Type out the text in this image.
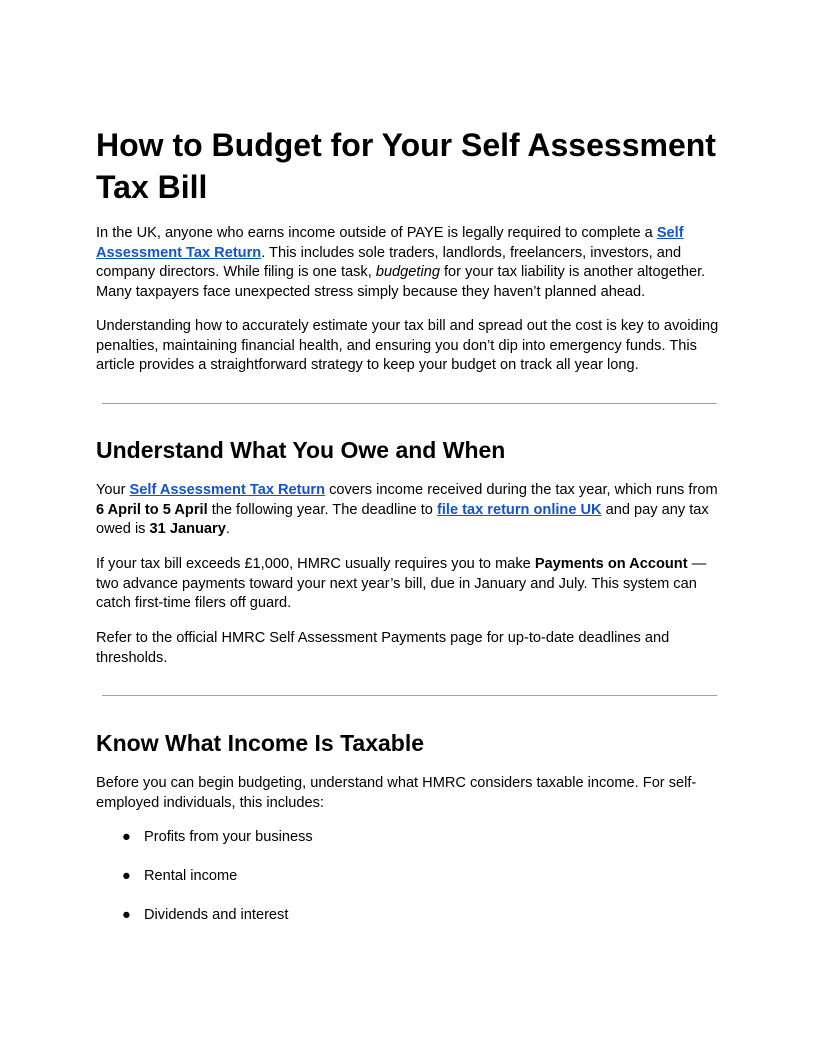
How to Budget for Your Self Assessment Tax Bill

In the UK, anyone who earns income outside of PAYE is legally required to complete a Self Assessment Tax Return. This includes sole traders, landlords, freelancers, investors, and company directors. While filing is one task, budgeting for your tax liability is another altogether. Many taxpayers face unexpected stress simply because they haven’t planned ahead.

Understanding how to accurately estimate your tax bill and spread out the cost is key to avoiding penalties, maintaining financial health, and ensuring you don’t dip into emergency funds. This article provides a straightforward strategy to keep your budget on track all year long.

Understand What You Owe and When

Your Self Assessment Tax Return covers income received during the tax year, which runs from 6 April to 5 April the following year. The deadline to file tax return online UK and pay any tax owed is 31 January.

If your tax bill exceeds £1,000, HMRC usually requires you to make Payments on Account — two advance payments toward your next year’s bill, due in January and July. This system can catch first-time filers off guard.

Refer to the official HMRC Self Assessment Payments page for up-to-date deadlines and thresholds.

Know What Income Is Taxable

Before you can begin budgeting, understand what HMRC considers taxable income. For self-employed individuals, this includes:

● Profits from your business
● Rental income
● Dividends and interest
